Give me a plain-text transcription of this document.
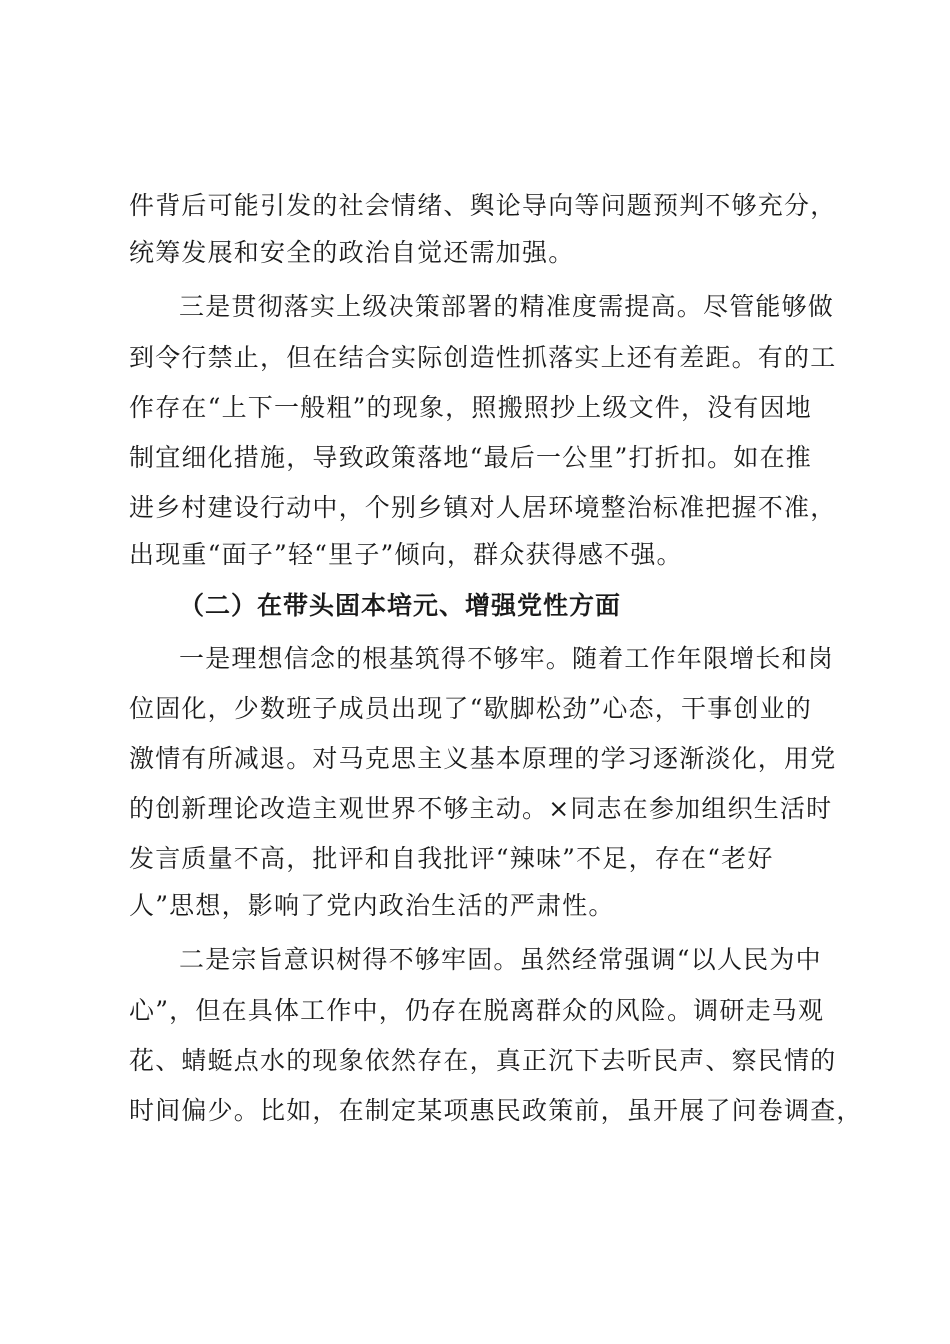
件背后可能引发的社会情绪、舆论导向等问题预判不够充分，
统筹发展和安全的政治自觉还需加强。
三是贯彻落实上级决策部署的精准度需提高。尽管能够做
到令行禁止，但在结合实际创造性抓落实上还有差距。有的工
作存在“上下一般粗”的现象，照搬照抄上级文件，没有因地
制宜细化措施，导致政策落地“最后一公里”打折扣。如在推
进乡村建设行动中，个别乡镇对人居环境整治标准把握不准，
出现重“面子”轻“里子”倾向，群众获得感不强。
（二）在带头固本培元、增强党性方面
一是理想信念的根基筑得不够牢。随着工作年限增长和岗
位固化，少数班子成员出现了“歇脚松劲”心态，干事创业的
激情有所减退。对马克思主义基本原理的学习逐渐淡化，用党
的创新理论改造主观世界不够主动。×同志在参加组织生活时
发言质量不高，批评和自我批评“辣味”不足，存在“老好
人”思想，影响了党内政治生活的严肃性。
二是宗旨意识树得不够牢固。虽然经常强调“以人民为中
心”，但在具体工作中，仍存在脱离群众的风险。调研走马观
花、蜻蜓点水的现象依然存在，真正沉下去听民声、察民情的
时间偏少。比如，在制定某项惠民政策前，虽开展了问卷调查，
